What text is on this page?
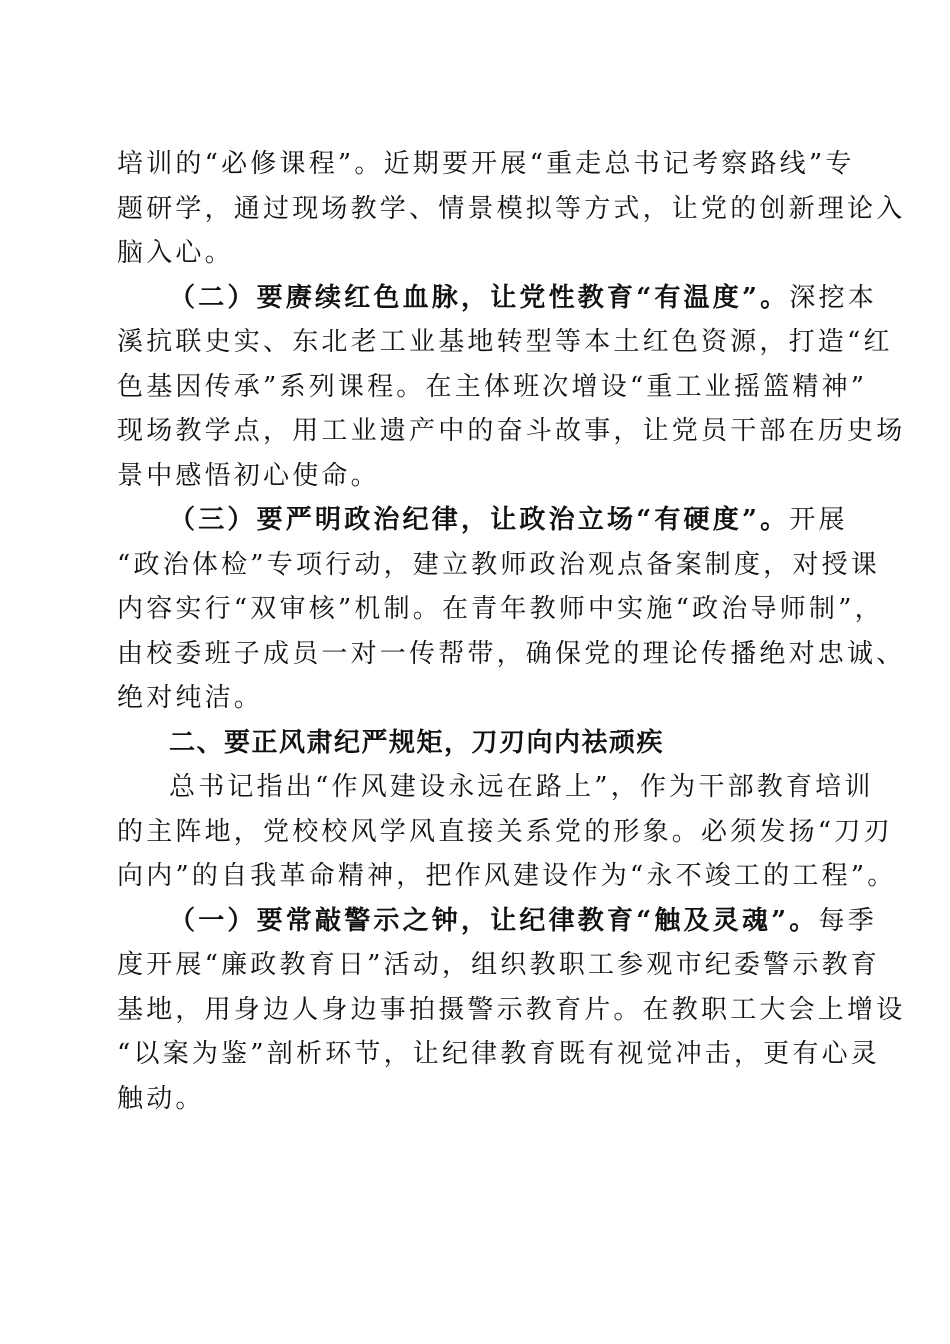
培训的“必修课程”。近期要开展“重走总书记考察路线”专
题研学，通过现场教学、情景模拟等方式，让党的创新理论入
脑入心。
（二）要赓续红色血脉，让党性教育“有温度”。深挖本
溪抗联史实、东北老工业基地转型等本土红色资源，打造“红
色基因传承”系列课程。在主体班次增设“重工业摇篮精神”
现场教学点，用工业遗产中的奋斗故事，让党员干部在历史场
景中感悟初心使命。
（三）要严明政治纪律，让政治立场“有硬度”。开展
“政治体检”专项行动，建立教师政治观点备案制度，对授课
内容实行“双审核”机制。在青年教师中实施“政治导师制”，
由校委班子成员一对一传帮带，确保党的理论传播绝对忠诚、
绝对纯洁。
二、要正风肃纪严规矩，刀刃向内祛顽疾
总书记指出“作风建设永远在路上”，作为干部教育培训
的主阵地，党校校风学风直接关系党的形象。必须发扬“刀刃
向内”的自我革命精神，把作风建设作为“永不竣工的工程”。
（一）要常敲警示之钟，让纪律教育“触及灵魂”。每季
度开展“廉政教育日”活动，组织教职工参观市纪委警示教育
基地，用身边人身边事拍摄警示教育片。在教职工大会上增设
“以案为鉴”剖析环节，让纪律教育既有视觉冲击，更有心灵
触动。
